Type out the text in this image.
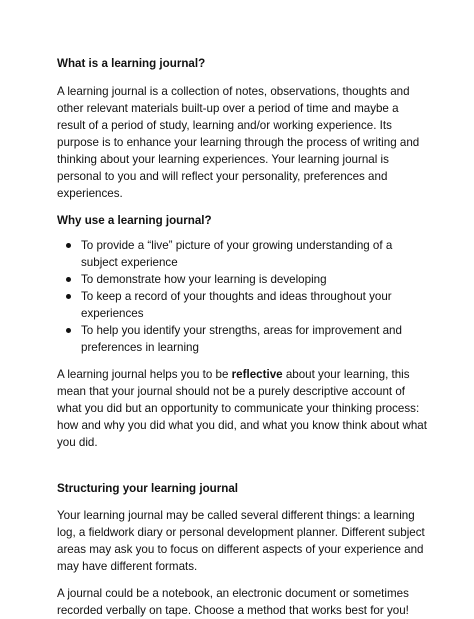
What is a learning journal?

A learning journal is a collection of notes, observations, thoughts and other relevant materials built-up over a period of time and maybe a result of a period of study, learning and/or working experience. Its purpose is to enhance your learning through the process of writing and thinking about your learning experiences. Your learning journal is personal to you and will reflect your personality, preferences and experiences.

Why use a learning journal?

To provide a “live” picture of your growing understanding of a subject experience
To demonstrate how your learning is developing
To keep a record of your thoughts and ideas throughout your experiences
To help you identify your strengths, areas for improvement and preferences in learning

A learning journal helps you to be reflective about your learning, this mean that your journal should not be a purely descriptive account of what you did but an opportunity to communicate your thinking process: how and why you did what you did, and what you know think about what you did.

Structuring your learning journal

Your learning journal may be called several different things: a learning log, a fieldwork diary or personal development planner. Different subject areas may ask you to focus on different aspects of your experience and may have different formats.

A journal could be a notebook, an electronic document or sometimes recorded verbally on tape. Choose a method that works best for you!
